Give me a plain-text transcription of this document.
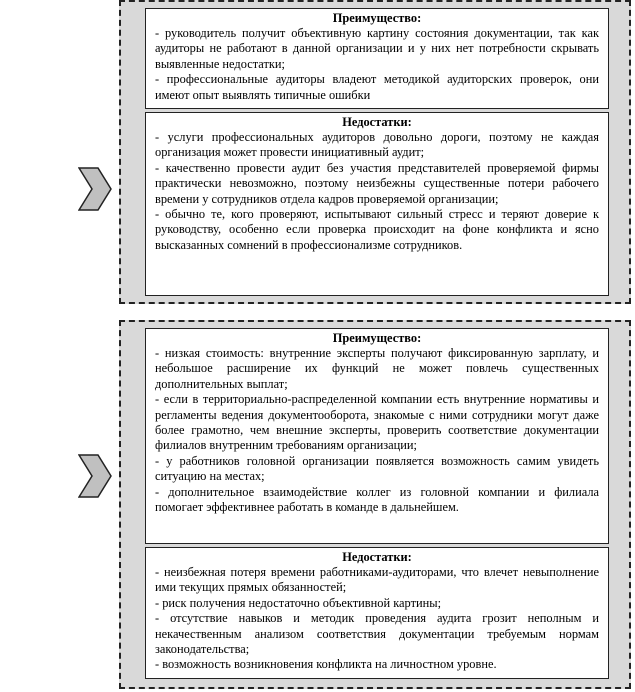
Преимущество:

- руководитель получит объективную картину состояния документации, так как аудиторы не работают в данной организации и у них нет потребности скрывать выявленные недостатки;

- профессиональные аудиторы владеют методикой аудиторских проверок, они имеют опыт выявлять типичные ошибки

Недостатки:

- услуги профессиональных аудиторов довольно дороги, поэтому не каждая организация может провести инициативный аудит;

- качественно провести аудит без участия представителей проверяемой фирмы практически невозможно, поэтому неизбежны существенные потери рабочего времени у сотрудников отдела кадров проверяемой организации;

- обычно те, кого проверяют, испытывают сильный стресс и теряют доверие к руководству, особенно если проверка происходит на фоне конфликта и ясно высказанных сомнений в профессионализме сотрудников.

Преимущество:

- низкая стоимость: внутренние эксперты получают фиксированную зарплату, и небольшое расширение их функций не может повлечь существенных дополнительных выплат;

- если в территориально-распределенной компании есть внутренние нормативы и регламенты ведения документооборота, знакомые с ними сотрудники могут даже более грамотно, чем внешние эксперты, проверить соответствие документации филиалов внутренним требованиям организации;

- у работников головной организации появляется возможность самим увидеть ситуацию на местах;

- дополнительное взаимодействие коллег из головной компании и филиала помогает эффективнее работать в команде в дальнейшем.

Недостатки:

- неизбежная потеря времени работниками-аудиторами, что влечет невыполнение ими текущих прямых обязанностей;

- риск получения недостаточно объективной картины;

- отсутствие навыков и методик проведения аудита грозит неполным и некачественным анализом соответствия документации требуемым нормам законодательства;

- возможность возникновения конфликта на личностном уровне.
